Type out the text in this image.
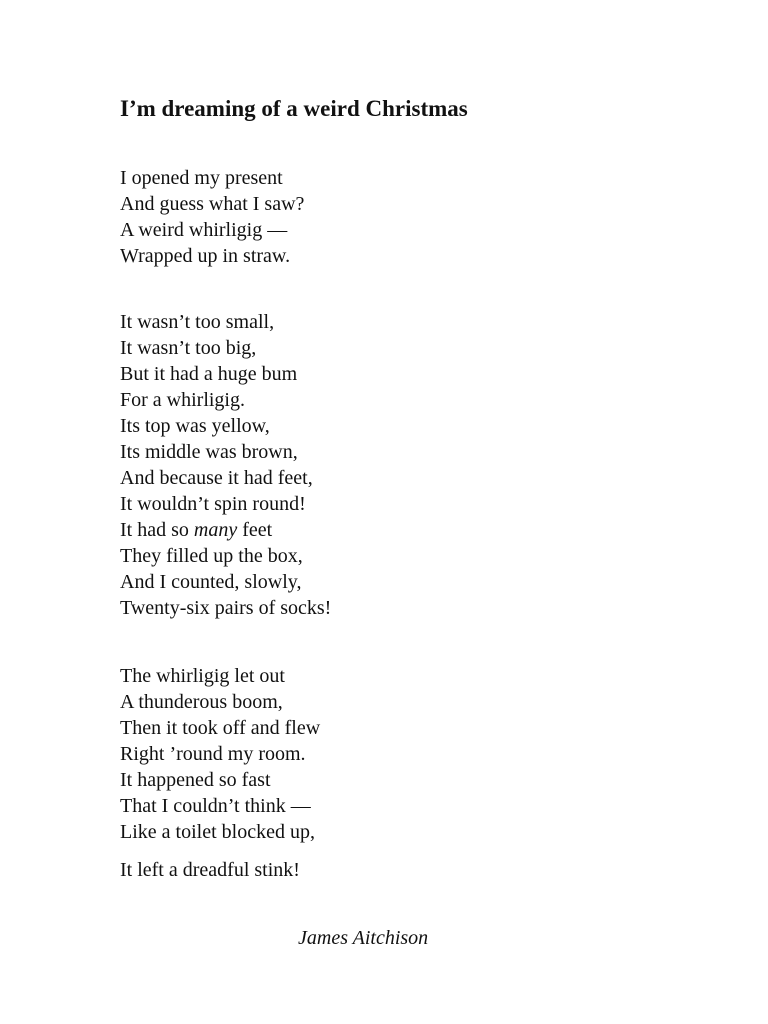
I’m dreaming of a weird Christmas

I opened my present
And guess what I saw?
A weird whirligig —
Wrapped up in straw.

It wasn’t too small,
It wasn’t too big,
But it had a huge bum
For a whirligig.
Its top was yellow,
Its middle was brown,
And because it had feet,
It wouldn’t spin round!
It had so many feet
They filled up the box,
And I counted, slowly,
Twenty-six pairs of socks!

The whirligig let out
A thunderous boom,
Then it took off and flew
Right ’round my room.
It happened so fast
That I couldn’t think —
Like a toilet blocked up,

It left a dreadful stink!

James Aitchison
